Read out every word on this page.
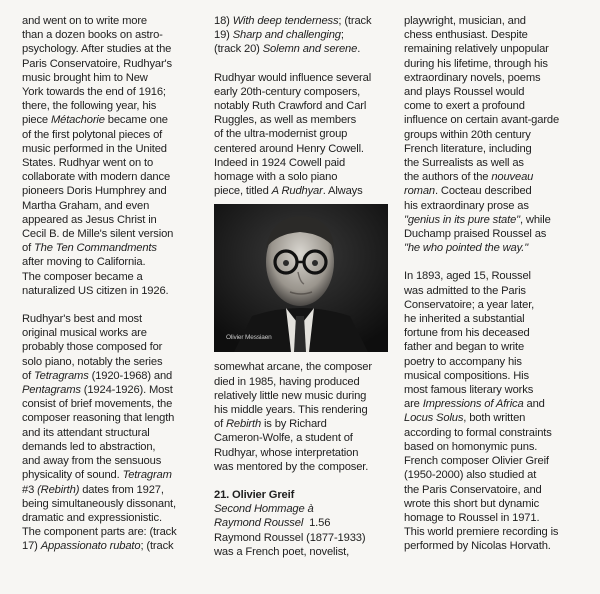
and went on to write more
than a dozen books on astro-
psychology. After studies at the
Paris Conservatoire, Rudhyar's
music brought him to New
York towards the end of 1916;
there, the following year, his
piece Métachorie became one
of the first polytonal pieces of
music performed in the United
States. Rudhyar went on to
collaborate with modern dance
pioneers Doris Humphrey and
Martha Graham, and even
appeared as Jesus Christ in
Cecil B. de Mille's silent version
of The Ten Commandments
after moving to California.
The composer became a
naturalized US citizen in 1926.

Rudhyar's best and most
original musical works are
probably those composed for
solo piano, notably the series
of Tetragrams (1920-1968) and
Pentagrams (1924-1926). Most
consist of brief movements, the
composer reasoning that length
and its attendant structural
demands led to abstraction,
and away from the sensuous
physicality of sound. Tetragram
#3 (Rebirth) dates from 1927,
being simultaneously dissonant,
dramatic and expressionistic.
The component parts are: (track
17) Appassionato rubato; (track

18) With deep tenderness; (track
19) Sharp and challenging;
(track 20) Solemn and serene.

Rudhyar would influence several
early 20th-century composers,
notably Ruth Crawford and Carl
Ruggles, as well as members
of the ultra-modernist group
centered around Henry Cowell.
Indeed in 1924 Cowell paid
homage with a solo piano
piece, titled A Rudhyar. Always

Olivier Messiaen

somewhat arcane, the composer
died in 1985, having produced
relatively little new music during
his middle years. This rendering
of Rebirth is by Richard
Cameron-Wolfe, a student of
Rudhyar, whose interpretation
was mentored by the composer.

21. Olivier Greif
Second Hommage à
Raymond Roussel 1.56
Raymond Roussel (1877-1933)
was a French poet, novelist,

playwright, musician, and
chess enthusiast. Despite
remaining relatively unpopular
during his lifetime, through his
extraordinary novels, poems
and plays Roussel would
come to exert a profound
influence on certain avant-garde
groups within 20th century
French literature, including
the Surrealists as well as
the authors of the nouveau
roman. Cocteau described
his extraordinary prose as
"genius in its pure state", while
Duchamp praised Roussel as
"he who pointed the way."

In 1893, aged 15, Roussel
was admitted to the Paris
Conservatoire; a year later,
he inherited a substantial
fortune from his deceased
father and began to write
poetry to accompany his
musical compositions. His
most famous literary works
are Impressions of Africa and
Locus Solus, both written
according to formal constraints
based on homonymic puns.
French composer Olivier Greif
(1950-2000) also studied at
the Paris Conservatoire, and
wrote this short but dynamic
homage to Roussel in 1971.
This world premiere recording is
performed by Nicolas Horvath.
